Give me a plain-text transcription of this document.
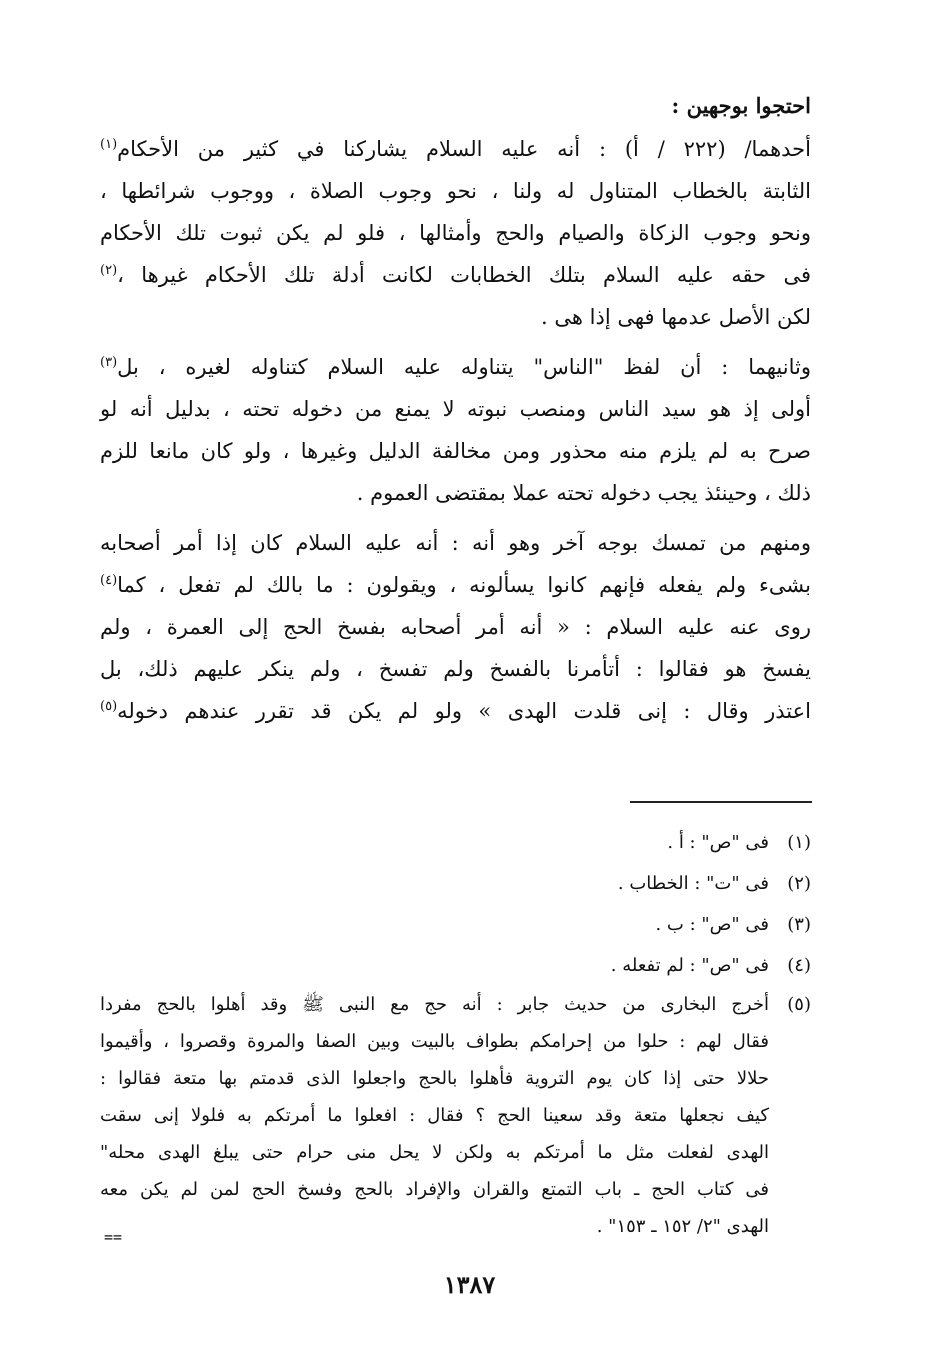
احتجوا بوجهين :

أحدهما/ (٢٢٢ / أ) : أنه عليه السلام يشاركنا في كثير من الأحكام$^{(١)}$

الثابتة بالخطاب المتناول له ولنا ، نحو وجوب الصلاة ، ووجوب شرائطها ،

ونحو وجوب الزكاة والصيام والحج وأمثالها ، فلو لم يكن ثبوت تلك الأحكام

فى حقه عليه السلام بتلك الخطابات لكانت أدلة تلك الأحكام غيرها ،$^{(٢)}$

لكن الأصل عدمها فهى إذا هى .

وثانيهما : أن لفظ "الناس" يتناوله عليه السلام كتناوله لغيره ، بل$^{(٣)}$

أولى إذ هو سيد الناس ومنصب نبوته لا يمنع من دخوله تحته ، بدليل أنه لو

صرح به لم يلزم منه محذور ومن مخالفة الدليل وغيرها ، ولو كان مانعا للزم

ذلك ، وحينئذ يجب دخوله تحته عملا بمقتضى العموم .

ومنهم من تمسك بوجه آخر وهو أنه : أنه عليه السلام كان إذا أمر أصحابه

بشىء ولم يفعله فإنهم كانوا يسألونه ، ويقولون : ما بالك لم تفعل ، كما$^{(٤)}$

روى عنه عليه السلام : « أنه أمر أصحابه بفسخ الحج إلى العمرة ، ولم

يفسخ هو فقالوا : أتأمرنا بالفسخ ولم تفسخ ، ولم ينكر عليهم ذلك، بل

اعتذر وقال : إنى قلدت الهدى » ولو لم يكن قد تقرر عندهم دخوله$^{(٥)}$

(١)فى "ص" : أ .

(٢)فى "ت" : الخطاب .

(٣)فى "ص" : ب .

(٤)فى "ص" : لم تفعله .

(٥)أخرج البخارى من حديث جابر : أنه حج مع النبى ﷺ وقد أهلوا بالحج مفردا

فقال لهم : حلوا من إحرامكم بطواف بالبيت وبين الصفا والمروة وقصروا ، وأقيموا

حلالا حتى إذا كان يوم التروية فأهلوا بالحج واجعلوا الذى قدمتم بها متعة فقالوا :

كيف نجعلها متعة وقد سعينا الحج ؟ فقال : افعلوا ما أمرتكم به فلولا إنى سقت

الهدى لفعلت مثل ما أمرتكم به ولكن لا يحل منى حرام حتى يبلغ الهدى محله"

فى كتاب الحج ـ باب التمتع والقران والإفراد بالحج وفسخ الحج لمن لم يكن معه

الهدى "٢/ ١٥٢ ـ ١٥٣" .

==
١٣٨٧
